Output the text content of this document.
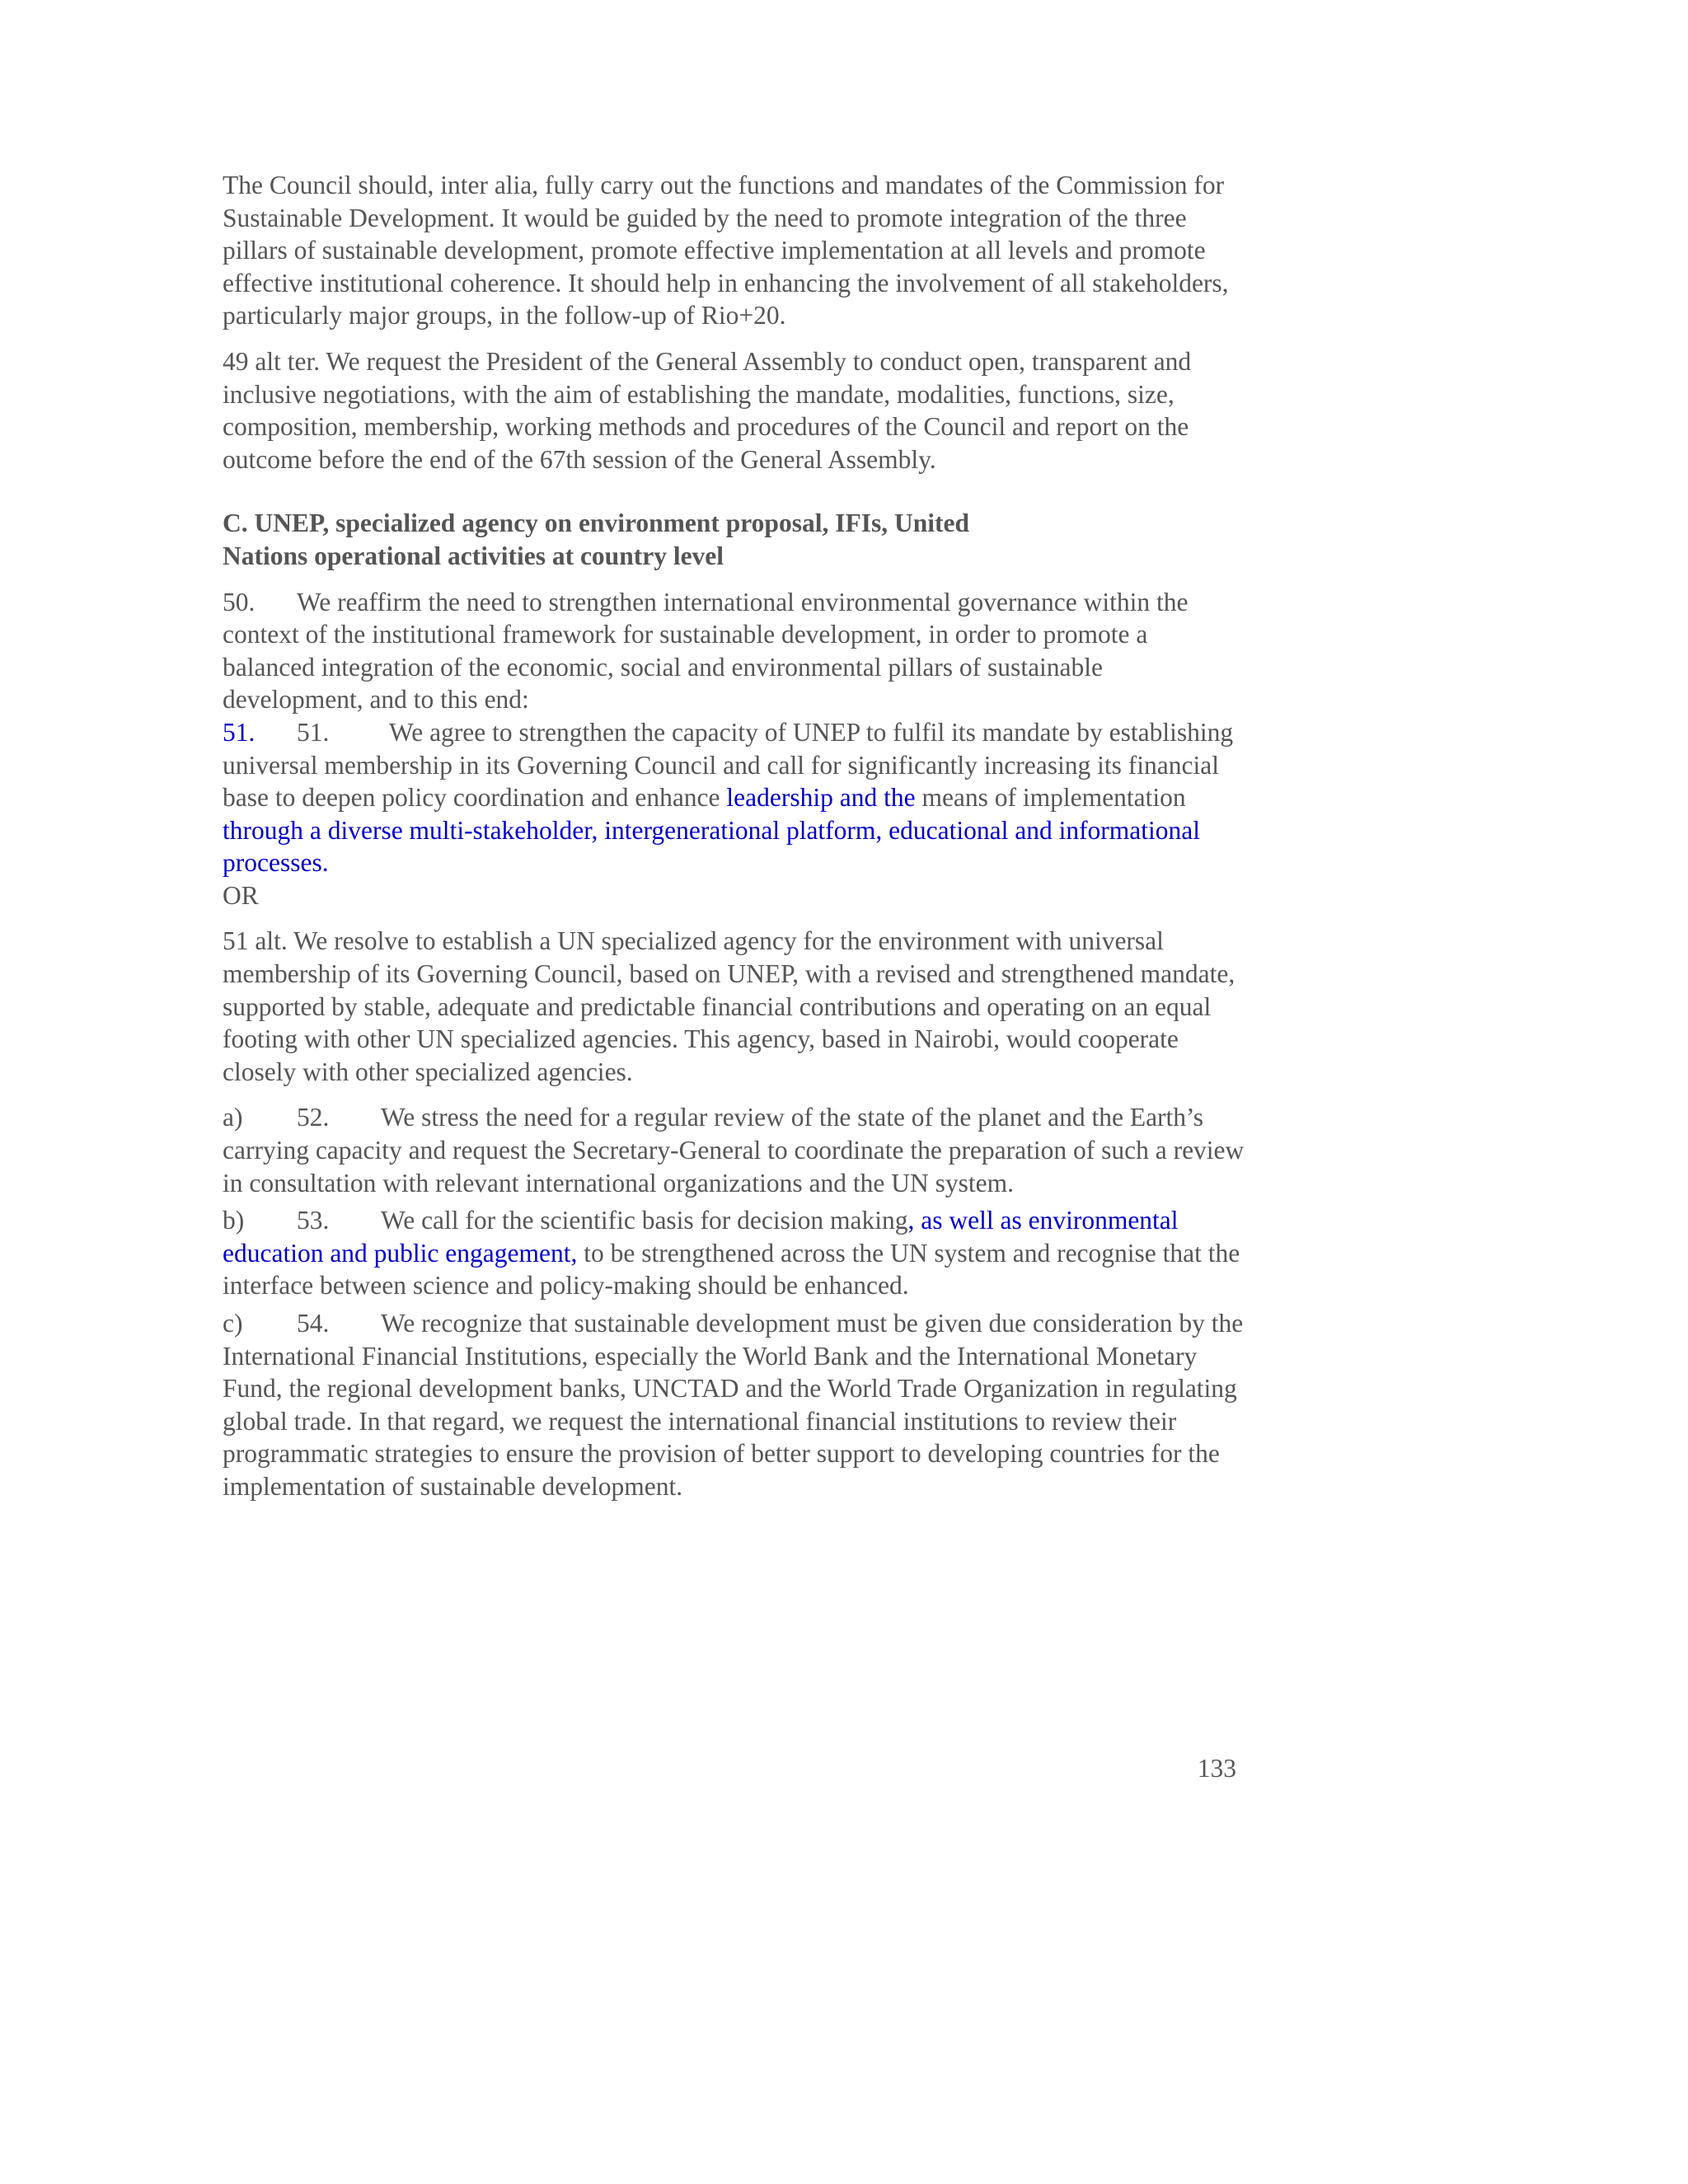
The Council should, inter alia, fully carry out the functions and mandates of the Commission for Sustainable Development. It would be guided by the need to promote integration of the three pillars of sustainable development, promote effective implementation at all levels and promote effective institutional coherence. It should help in enhancing the involvement of all stakeholders, particularly major groups, in the follow-up of Rio+20.

49 alt ter. We request the President of the General Assembly to conduct open, transparent and inclusive negotiations, with the aim of establishing the mandate, modalities, functions, size, composition, membership, working methods and procedures of the Council and report on the outcome before the end of the 67th session of the General Assembly.

C. UNEP, specialized agency on environment proposal, IFIs, United
Nations operational activities at country level

50. We reaffirm the need to strengthen international environmental governance within the context of the institutional framework for sustainable development, in order to promote a balanced integration of the economic, social and environmental pillars of sustainable development, and to this end:

51. 51. We agree to strengthen the capacity of UNEP to fulfil its mandate by establishing universal membership in its Governing Council and call for significantly increasing its financial base to deepen policy coordination and enhance leadership and the means of implementation through a diverse multi-stakeholder, intergenerational platform, educational and informational processes.

OR

51 alt. We resolve to establish a UN specialized agency for the environment with universal membership of its Governing Council, based on UNEP, with a revised and strengthened mandate, supported by stable, adequate and predictable financial contributions and operating on an equal footing with other UN specialized agencies. This agency, based in Nairobi, would cooperate closely with other specialized agencies.

a) 52. We stress the need for a regular review of the state of the planet and the Earth’s carrying capacity and request the Secretary-General to coordinate the preparation of such a review in consultation with relevant international organizations and the UN system.

b) 53. We call for the scientific basis for decision making, as well as environmental education and public engagement, to be strengthened across the UN system and recognise that the interface between science and policy-making should be enhanced.

c) 54. We recognize that sustainable development must be given due consideration by the International Financial Institutions, especially the World Bank and the International Monetary Fund, the regional development banks, UNCTAD and the World Trade Organization in regulating global trade. In that regard, we request the international financial institutions to review their programmatic strategies to ensure the provision of better support to developing countries for the implementation of sustainable development.

133
